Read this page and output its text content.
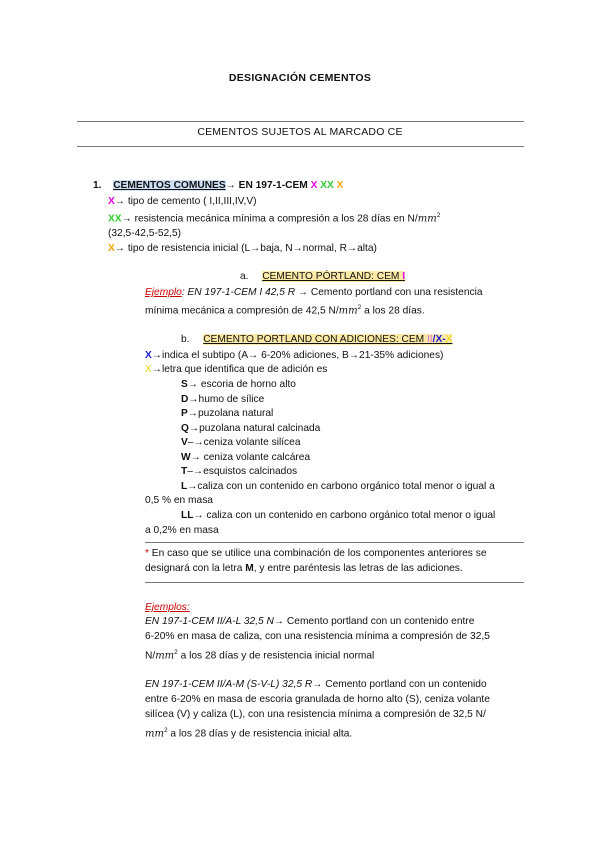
DESIGNACIÓN CEMENTOS
CEMENTOS SUJETOS AL MARCADO CE
1. CEMENTOS COMUNES→ EN 197-1-CEM X XX X
X→ tipo de cemento ( I,II,III,IV,V)
XX→ resistencia mecánica mínima a compresión a los 28 días en $N/mm^2$
(32,5-42,5-52,5)
X→ tipo de resistencia inicial (L→baja, N→normal, R→alta)
a. CEMENTO PÓRTLAND: CEM I
Ejemplo: EN 197-1-CEM I 42,5 R → Cemento portland con una resistencia
mínima mecánica a compresión de 42,5 $N/mm^2$ a los 28 días.
b. CEMENTO PORTLAND CON ADICIONES: CEM II/X-X
X→indica el subtipo (A→ 6-20% adiciones, B→21-35% adiciones)
X→letra que identifica que de adición es
S→ escoria de horno alto
D→humo de sílice
P→puzolana natural
Q→puzolana natural calcinada
V–→ceniza volante silícea
W→ ceniza volante calcárea
T–→esquistos calcinados
L→caliza con un contenido en carbono orgánico total menor o igual a
0,5 % en masa
LL→ caliza con un contenido en carbono orgánico total menor o igual
a 0,2% en masa
* En caso que se utilice una combinación de los componentes anteriores se
designará con la letra M, y entre paréntesis las letras de las adiciones.
Ejemplos:
EN 197-1-CEM II/A-L 32,5 N→ Cemento portland con un contenido entre
6-20% en masa de caliza, con una resistencia mínima a compresión de 32,5
$N/mm^2$ a los 28 días y de resistencia inicial normal
EN 197-1-CEM II/A-M (S-V-L) 32,5 R→ Cemento portland con un contenido
entre 6-20% en masa de escoria granulada de horno alto (S), ceniza volante
silícea (V) y caliza (L), con una resistencia mínima a compresión de 32,5 N/
$mm^2$ a los 28 días y de resistencia inicial alta.
